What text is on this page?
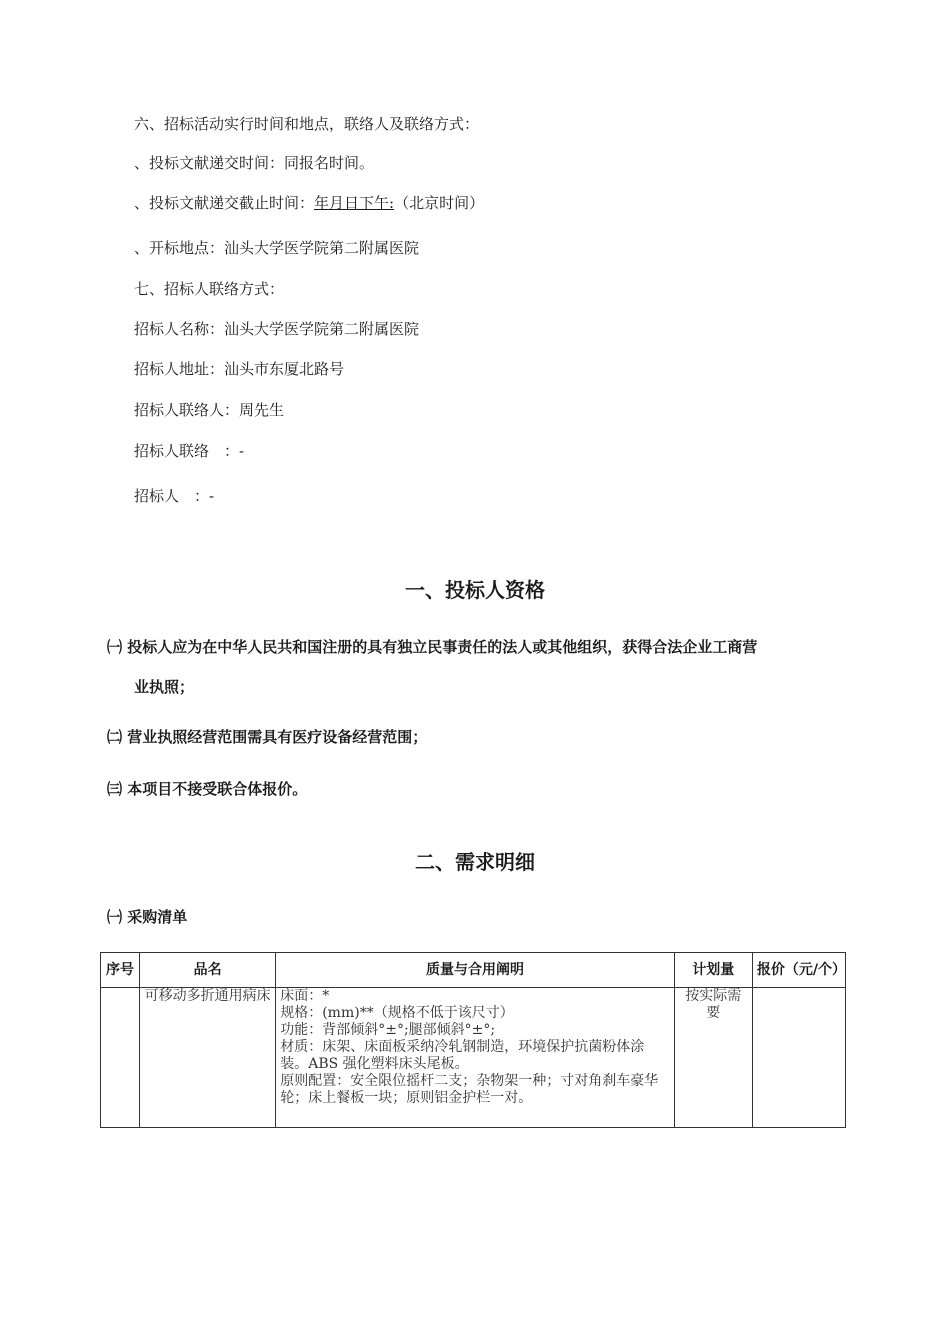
六、招标活动实行时间和地点，联络人及联络方式：
、投标文献递交时间：同报名时间。
、投标文献递交截止时间：年月日下午:（北京时间）
、开标地点：汕头大学医学院第二附属医院
七、招标人联络方式：
招标人名称：汕头大学医学院第二附属医院
招标人地址：汕头市东厦北路号
招标人联络人：周先生
招标人联络　：-
招标人　：-
一、投标人资格
㈠ 投标人应为在中华人民共和国注册的具有独立民事责任的法人或其他组织，获得合法企业工商营
业执照；
㈡ 营业执照经营范围需具有医疗设备经营范围；
㈢ 本项目不接受联合体报价。
二、需求明细
㈠ 采购清单
序号	品名	质量与合用阐明	计划量	报价（元/个）
	可移动多折通用病床	床面：*
规格：(mm)**（规格不低于该尺寸）
功能：背部倾斜°±°;腿部倾斜°±°;
材质：床架、床面板采纳冷轧钢制造，环境保护抗菌粉体涂装。ABS 强化塑料床头尾板。
原则配置：安全限位摇杆二支；杂物架一种；寸对角刹车豪华轮；床上餐板一块；原则铝金护栏一对。	按实际需要	
